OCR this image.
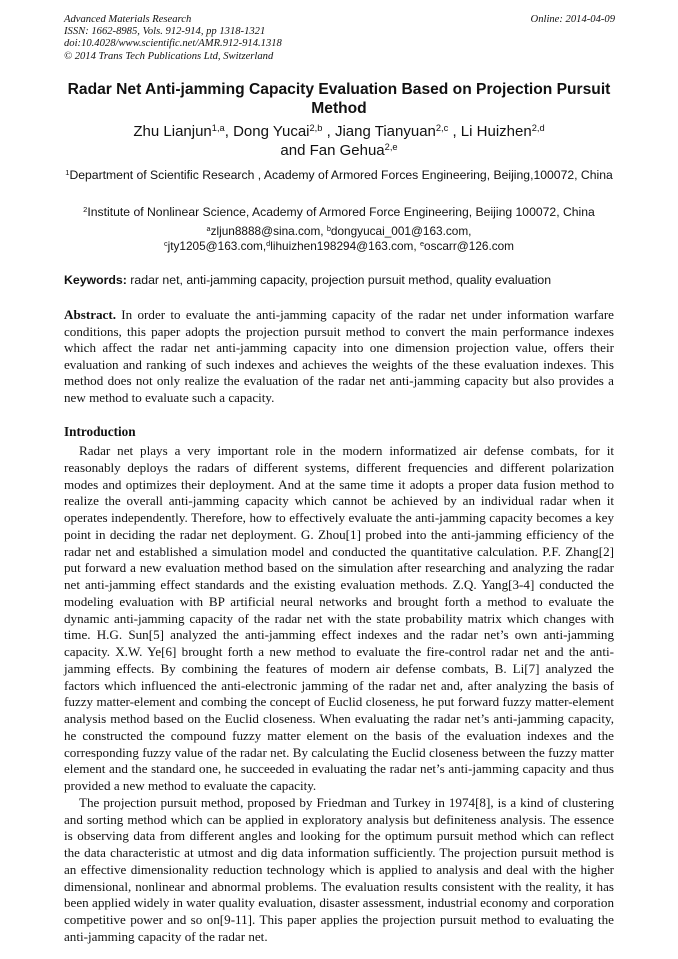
Advanced Materials Research
ISSN: 1662-8985, Vols. 912-914, pp 1318-1321
doi:10.4028/www.scientific.net/AMR.912-914.1318
© 2014 Trans Tech Publications Ltd, Switzerland
Online: 2014-04-09
Radar Net Anti-jamming Capacity Evaluation Based on Projection Pursuit Method
Zhu Lianjun$^{1,a}$, Dong Yucai$^{2,b}$ , Jiang Tianyuan$^{2,c}$ , Li Huizhen$^{2,d}$
and Fan Gehua$^{2,e}$
$^1$Department of Scientific Research , Academy of Armored Forces Engineering, Beijing,100072, China
$^2$Institute of Nonlinear Science, Academy of Armored Force Engineering, Beijing 100072, China
$^a$zljun8888@sina.com, $^b$dongyucai_001@163.com,
$^c$jty1205@163.com,$^d$lihuizhen198294@163.com, $^e$oscarr@126.com
Keywords: radar net, anti-jamming capacity, projection pursuit method, quality evaluation
Abstract. In order to evaluate the anti-jamming capacity of the radar net under information warfare conditions, this paper adopts the projection pursuit method to convert the main performance indexes which affect the radar net anti-jamming capacity into one dimension projection value, offers their evaluation and ranking of such indexes and achieves the weights of the these evaluation indexes. This method does not only realize the evaluation of the radar net anti-jamming capacity but also provides a new method to evaluate such a capacity.
Introduction

Radar net plays a very important role in the modern informatized air defense combats, for it reasonably deploys the radars of different systems, different frequencies and different polarization modes and optimizes their deployment. And at the same time it adopts a proper data fusion method to realize the overall anti-jamming capacity which cannot be achieved by an individual radar when it operates independently. Therefore, how to effectively evaluate the anti-jamming capacity becomes a key point in deciding the radar net deployment. G. Zhou[1] probed into the anti-jamming efficiency of the radar net and established a simulation model and conducted the quantitative calculation. P.F. Zhang[2] put forward a new evaluation method based on the simulation after researching and analyzing the radar net anti-jamming effect standards and the existing evaluation methods. Z.Q. Yang[3-4] conducted the modeling evaluation with BP artificial neural networks and brought forth a method to evaluate the dynamic anti-jamming capacity of the radar net with the state probability matrix which changes with time. H.G. Sun[5] analyzed the anti-jamming effect indexes and the radar net’s own anti-jamming capacity. X.W. Ye[6] brought forth a new method to evaluate the fire-control radar net and the anti-jamming effects. By combining the features of modern air defense combats, B. Li[7] analyzed the factors which influenced the anti-electronic jamming of the radar net and, after analyzing the basis of fuzzy matter-element and combing the concept of Euclid closeness, he put forward fuzzy matter-element analysis method based on the Euclid closeness. When evaluating the radar net’s anti-jamming capacity, he constructed the compound fuzzy matter element on the basis of the evaluation indexes and the corresponding fuzzy value of the radar net. By calculating the Euclid closeness between the fuzzy matter element and the standard one, he succeeded in evaluating the radar net’s anti-jamming capacity and thus provided a new method to evaluate the capacity.

The projection pursuit method, proposed by Friedman and Turkey in 1974[8], is a kind of clustering and sorting method which can be applied in exploratory analysis but definiteness analysis. The essence is observing data from different angles and looking for the optimum pursuit method which can reflect the data characteristic at utmost and dig data information sufficiently. The projection pursuit method is an effective dimensionality reduction technology which is applied to analysis and deal with the higher dimensional, nonlinear and abnormal problems. The evaluation results consistent with the reality, it has been applied widely in water quality evaluation, disaster assessment, industrial economy and corporation competitive power and so on[9-11]. This paper applies the projection pursuit method to evaluating the anti-jamming capacity of the radar net.
